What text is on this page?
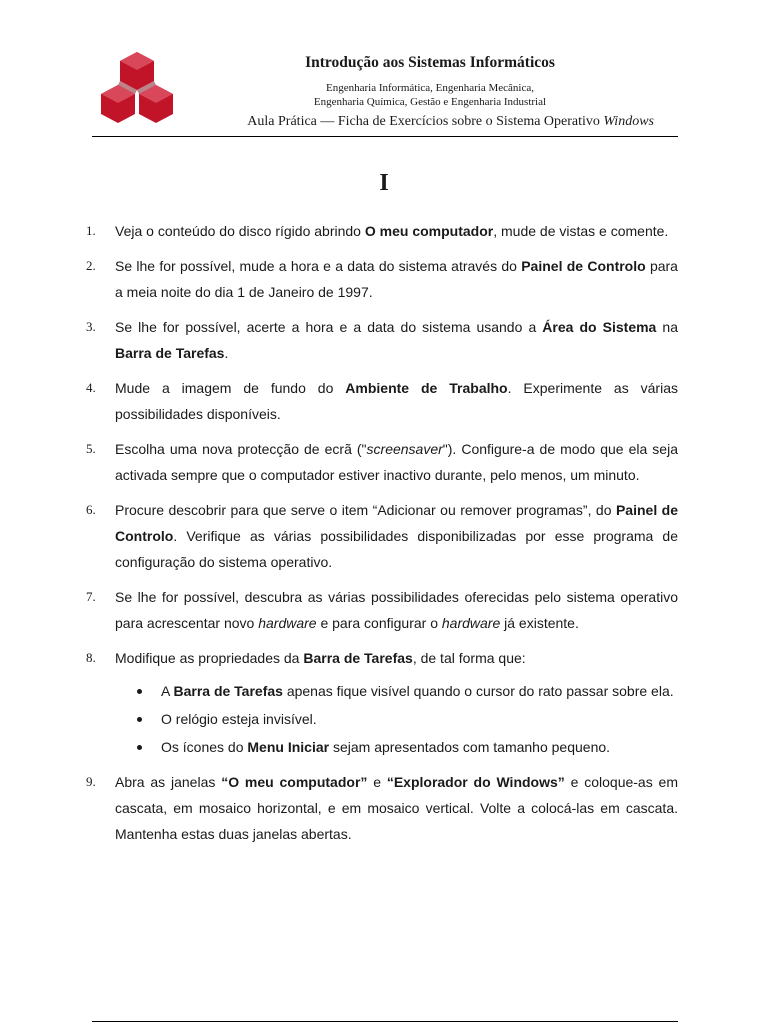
Introdução aos Sistemas Informáticos
Engenharia Informática, Engenharia Mecânica,
Engenharia Química, Gestão e Engenharia Industrial
Aula Prática — Ficha de Exercícios sobre o Sistema Operativo Windows
I
1. Veja o conteúdo do disco rígido abrindo O meu computador, mude de vistas e comente.
2. Se lhe for possível, mude a hora e a data do sistema através do Painel de Controlo para a meia noite do dia 1 de Janeiro de 1997.
3. Se lhe for possível, acerte a hora e a data do sistema usando a Área do Sistema na Barra de Tarefas.
4. Mude a imagem de fundo do Ambiente de Trabalho. Experimente as várias possibilidades disponíveis.
5. Escolha uma nova protecção de ecrã ("screensaver"). Configure-a de modo que ela seja activada sempre que o computador estiver inactivo durante, pelo menos, um minuto.
6. Procure descobrir para que serve o item “Adicionar ou remover programas”, do Painel de Controlo. Verifique as várias possibilidades disponibilizadas por esse programa de configuração do sistema operativo.
7. Se lhe for possível, descubra as várias possibilidades oferecidas pelo sistema operativo para acrescentar novo hardware e para configurar o hardware já existente.
8. Modifique as propriedades da Barra de Tarefas, de tal forma que:
A Barra de Tarefas apenas fique visível quando o cursor do rato passar sobre ela.
O relógio esteja invisível.
Os ícones do Menu Iniciar sejam apresentados com tamanho pequeno.
9. Abra as janelas “O meu computador” e “Explorador do Windows” e coloque-as em cascata, em mosaico horizontal, e em mosaico vertical. Volte a colocá-las em cascata. Mantenha estas duas janelas abertas.
